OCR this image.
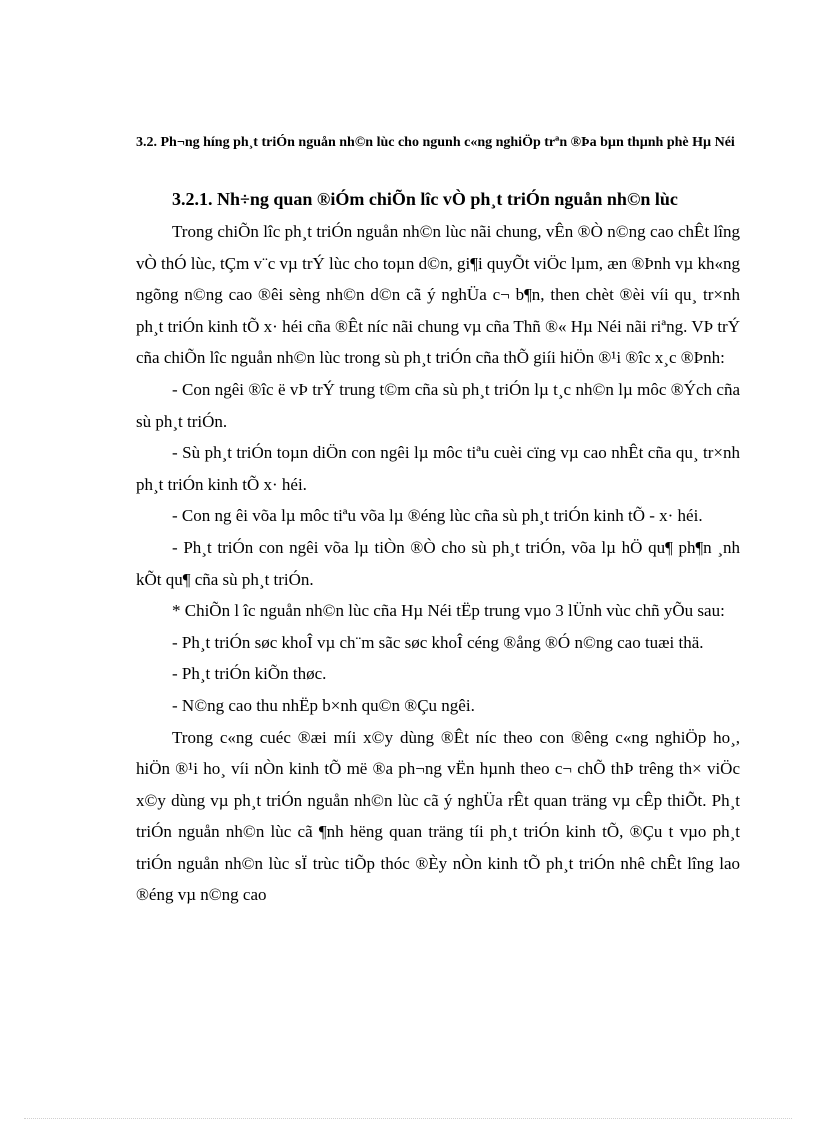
3.2. Ph¬ng híng ph¸t triÓn nguån nh©n lùc cho ngunh c«ng nghiÖp trªn ®Þa bµn thµnh phè Hµ Néi
3.2.1. Nh÷ng quan ®iÓm chiÕn lîc vÒ ph¸t triÓn nguån nh©n lùc

Trong chiÕn lîc ph¸t triÓn nguån nh©n lùc nãi chung, vÊn ®Ò n©ng cao chÊt lîng vÒ thÓ lùc, tÇm v¨c vµ trÝ lùc cho toµn d©n, gi¶i quyÕt viÖc lµm, æn ®Þnh vµ kh«ng ngõng n©ng cao ®êi sèng nh©n d©n cã ý nghÜa c¬ b¶n, then chèt ®èi víi qu¸ tr×nh ph¸t triÓn kinh tÕ x· héi cña ®Êt níc nãi chung vµ cña Thñ ®« Hµ Néi nãi riªng. VÞ trÝ cña chiÕn lîc nguån nh©n lùc trong sù ph¸t triÓn cña thÕ giíi hiÖn ®¹i ®îc x¸c ®Þnh:

- Con ngêi ®îc ë vÞ trÝ trung t©m cña sù ph¸t triÓn lµ t¸c nh©n lµ môc ®Ých cña sù ph¸t triÓn.

- Sù ph¸t triÓn toµn diÖn con ngêi lµ môc tiªu cuèi cïng vµ cao nhÊt cña qu¸ tr×nh ph¸t triÓn kinh tÕ x· héi.

- Con ng êi võa lµ môc tiªu võa lµ ®éng lùc cña sù ph¸t triÓn kinh tÕ - x· héi.

- Ph¸t triÓn con ngêi võa lµ tiÒn ®Ò cho sù ph¸t triÓn, võa lµ hÖ qu¶ ph¶n ¸nh kÕt qu¶ cña sù ph¸t triÓn.

* ChiÕn l îc nguån nh©n lùc cña Hµ Néi tËp trung vµo 3 lÜnh vùc chñ yÕu sau:

- Ph¸t triÓn søc khoÎ vµ ch¨m sãc søc khoÎ céng ®ång ®Ó n©ng cao tuæi thä.

- Ph¸t triÓn kiÕn thøc.

- N©ng cao thu nhËp b×nh qu©n ®Çu ngêi.

Trong c«ng cuéc ®æi míi x©y dùng ®Êt níc theo con ®êng c«ng nghiÖp ho¸, hiÖn ®¹i ho¸ víi nÒn kinh tÕ më ®a ph¬ng vËn hµnh theo c¬ chÕ thÞ trêng th× viÖc x©y dùng vµ ph¸t triÓn nguån nh©n lùc cã ý nghÜa rÊt quan träng vµ cÊp thiÕt. Ph¸t triÓn nguån nh©n lùc cã ¶nh hëng quan träng tíi ph¸t triÓn kinh tÕ, ®Çu t vµo ph¸t triÓn nguån nh©n lùc sÏ trùc tiÕp thóc ®Èy nÒn kinh tÕ ph¸t triÓn nhê chÊt lîng lao ®éng vµ n©ng cao
